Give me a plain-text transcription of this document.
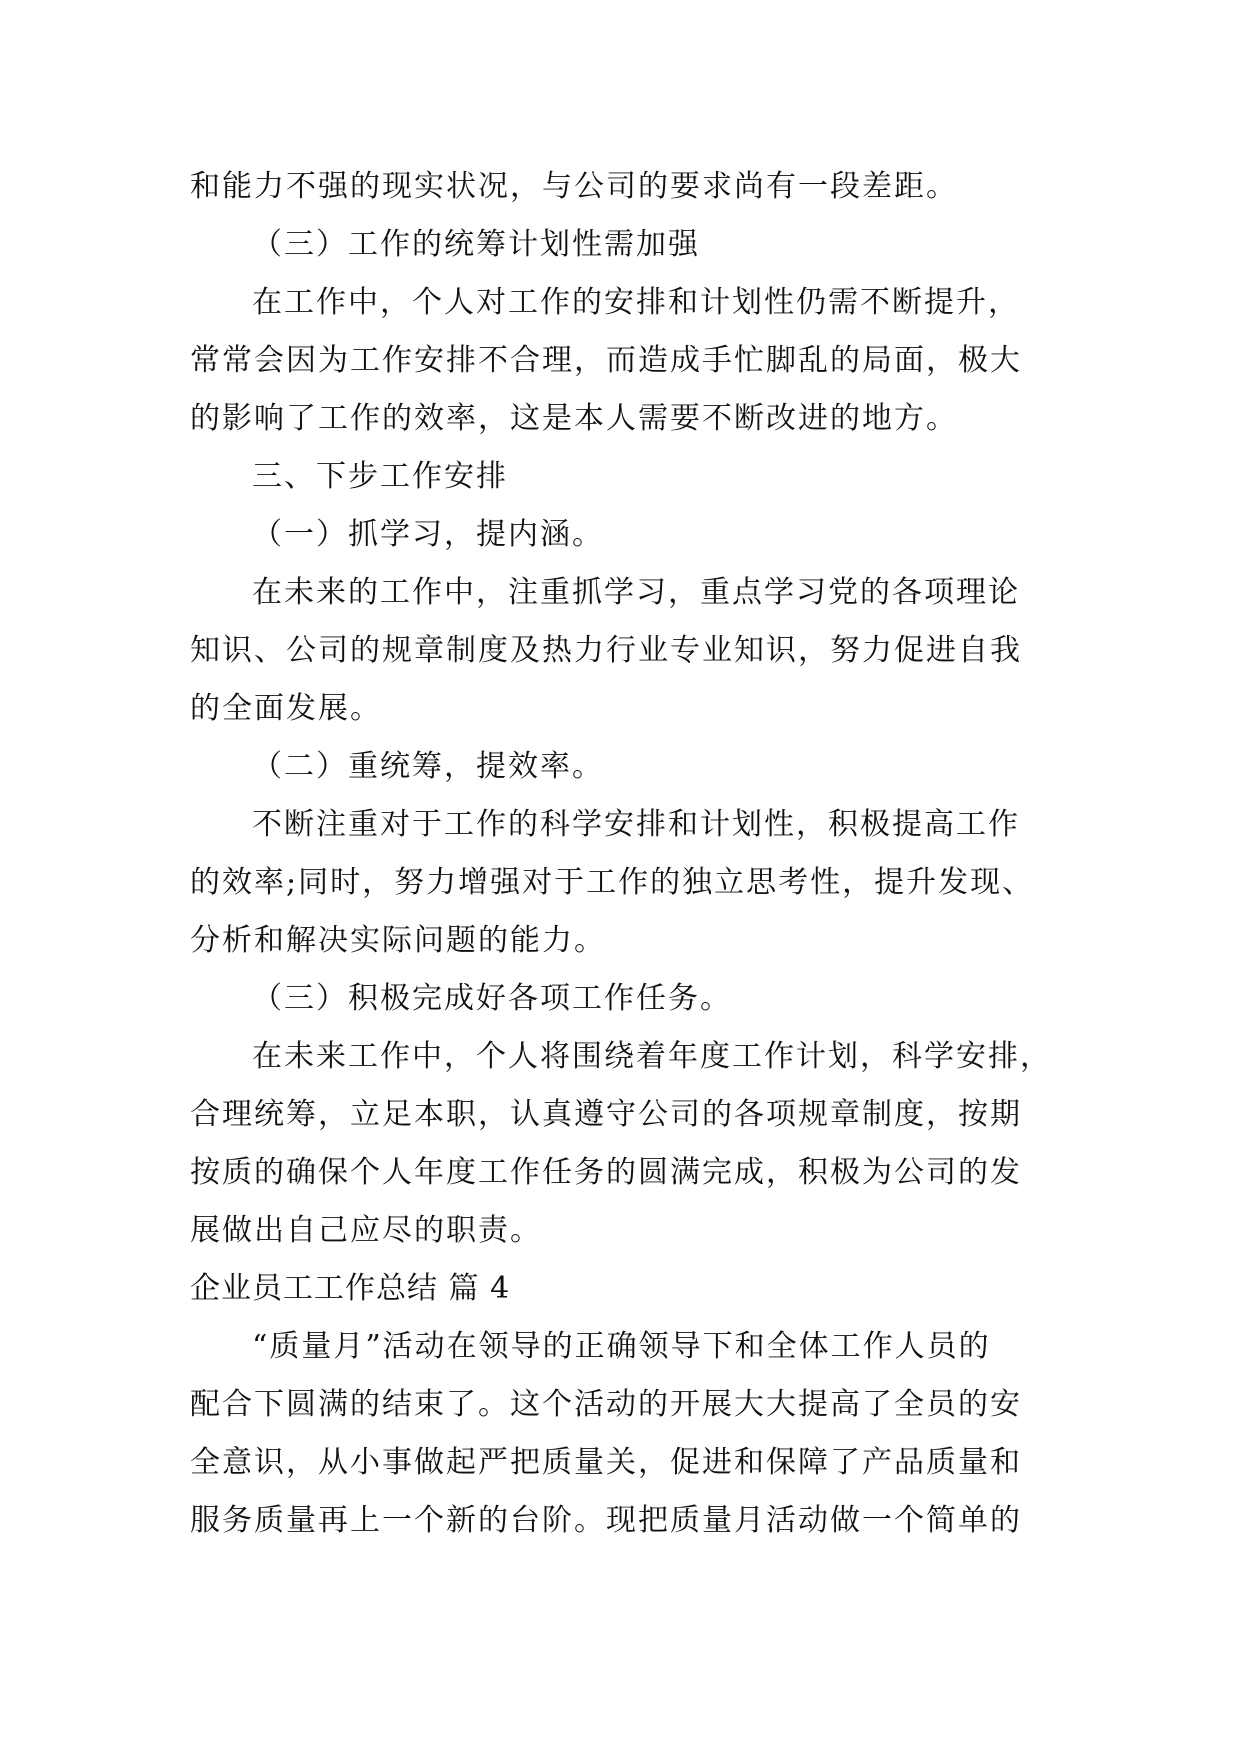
和能力不强的现实状况，与公司的要求尚有一段差距。
（三）工作的统筹计划性需加强
在工作中，个人对工作的安排和计划性仍需不断提升，
常常会因为工作安排不合理，而造成手忙脚乱的局面，极大
的影响了工作的效率，这是本人需要不断改进的地方。
三、下步工作安排
（一）抓学习，提内涵。
在未来的工作中，注重抓学习，重点学习党的各项理论
知识、公司的规章制度及热力行业专业知识，努力促进自我
的全面发展。
（二）重统筹，提效率。
不断注重对于工作的科学安排和计划性，积极提高工作
的效率;同时，努力增强对于工作的独立思考性，提升发现、
分析和解决实际问题的能力。
（三）积极完成好各项工作任务。
在未来工作中，个人将围绕着年度工作计划，科学安排，
合理统筹，立足本职，认真遵守公司的各项规章制度，按期
按质的确保个人年度工作任务的圆满完成，积极为公司的发
展做出自己应尽的职责。
企业员工工作总结 篇 4
“质量月”活动在领导的正确领导下和全体工作人员的
配合下圆满的结束了。这个活动的开展大大提高了全员的安
全意识，从小事做起严把质量关，促进和保障了产品质量和
服务质量再上一个新的台阶。现把质量月活动做一个简单的
